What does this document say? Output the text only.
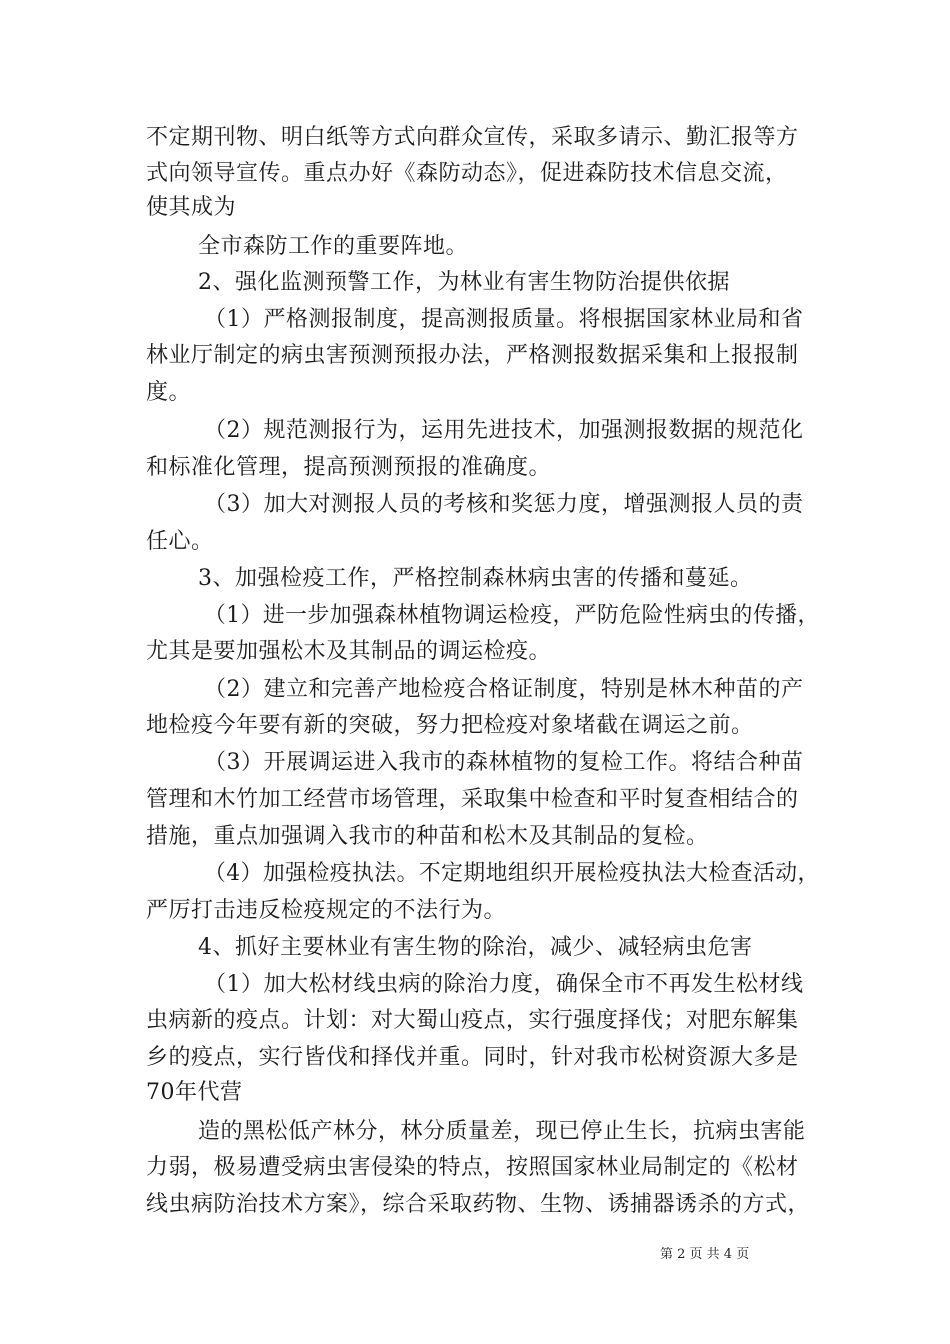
不定期刊物、明白纸等方式向群众宣传，采取多请示、勤汇报等方
式向领导宣传。重点办好《森防动态》，促进森防技术信息交流，
使其成为
全市森防工作的重要阵地。
2、强化监测预警工作，为林业有害生物防治提供依据
（1）严格测报制度，提高测报质量。将根据国家林业局和省
林业厅制定的病虫害预测预报办法，严格测报数据采集和上报报制
度。
（2）规范测报行为，运用先进技术，加强测报数据的规范化
和标准化管理，提高预测预报的准确度。
（3）加大对测报人员的考核和奖惩力度，增强测报人员的责
任心。
3、加强检疫工作，严格控制森林病虫害的传播和蔓延。
（1）进一步加强森林植物调运检疫，严防危险性病虫的传播，
尤其是要加强松木及其制品的调运检疫。
（2）建立和完善产地检疫合格证制度，特别是林木种苗的产
地检疫今年要有新的突破，努力把检疫对象堵截在调运之前。
（3）开展调运进入我市的森林植物的复检工作。将结合种苗
管理和木竹加工经营市场管理，采取集中检查和平时复查相结合的
措施，重点加强调入我市的种苗和松木及其制品的复检。
（4）加强检疫执法。不定期地组织开展检疫执法大检查活动，
严厉打击违反检疫规定的不法行为。
4、抓好主要林业有害生物的除治，减少、减轻病虫危害
（1）加大松材线虫病的除治力度，确保全市不再发生松材线
虫病新的疫点。计划：对大蜀山疫点，实行强度择伐；对肥东解集
乡的疫点，实行皆伐和择伐并重。同时，针对我市松树资源大多是
70年代营
造的黑松低产林分，林分质量差，现已停止生长，抗病虫害能
力弱，极易遭受病虫害侵染的特点，按照国家林业局制定的《松材
线虫病防治技术方案》，综合采取药物、生物、诱捕器诱杀的方式，
第 2 页 共 4 页
